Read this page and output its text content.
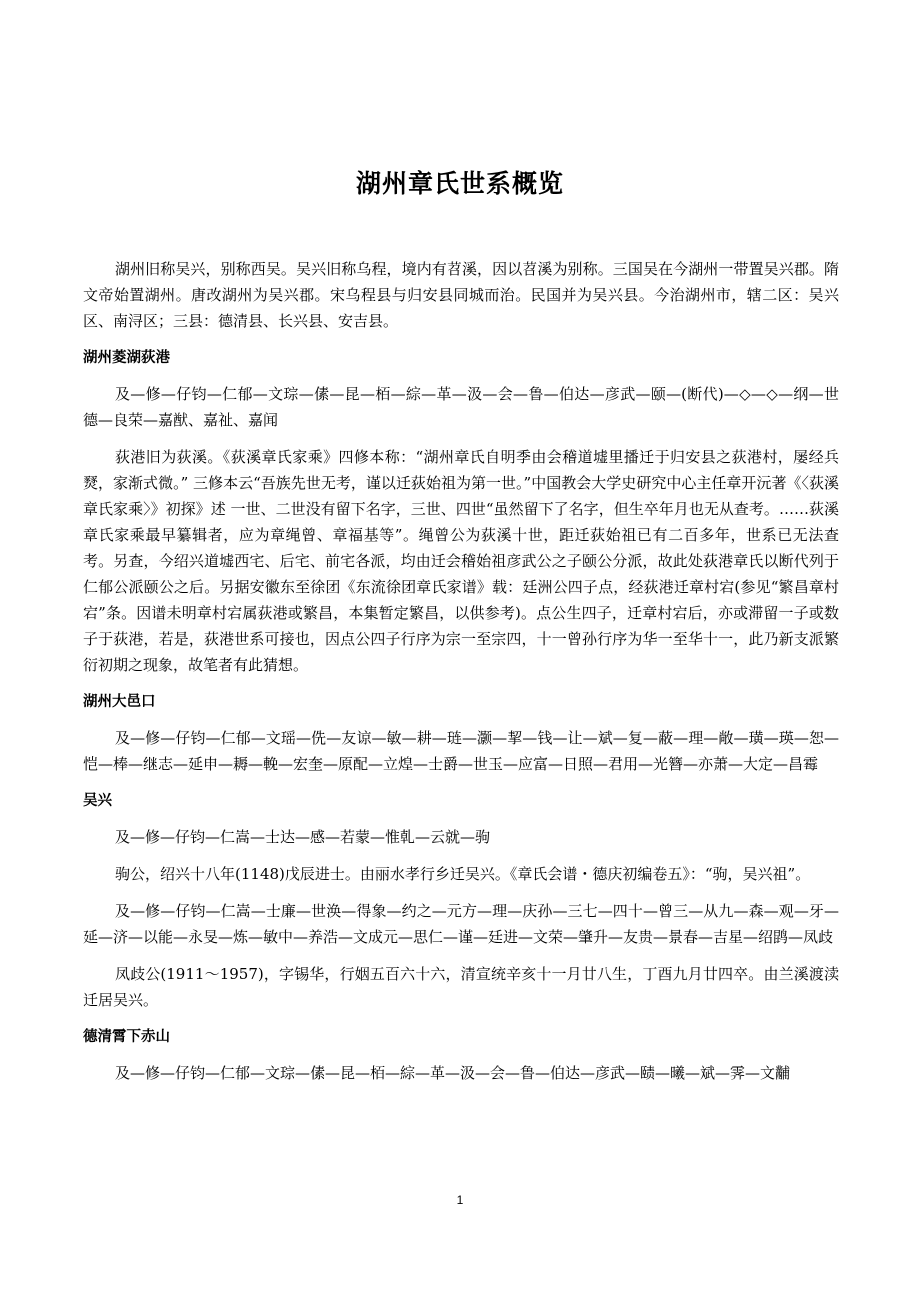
湖州章氏世系概览

湖州旧称吴兴，别称西吴。吴兴旧称乌程，境内有苕溪，因以苕溪为别称。三国吴在今湖州一带置吴兴郡。隋文帝始置湖州。唐改湖州为吴兴郡。宋乌程县与归安县同城而治。民国并为吴兴县。今治湖州市，辖二区：吴兴区、南浔区；三县：德清县、长兴县、安吉县。

湖州菱湖荻港

及—修—仔钧—仁郁—文琮—傃—昆—栢—綜—革—汲—会—鲁—伯达—彦武—颐—(断代)—◇—◇—纲—世德—良荣—嘉猷、嘉祉、嘉闻

荻港旧为荻溪。《荻溪章氏家乘》四修本称：“湖州章氏自明季由会稽道墟里播迁于归安县之荻港村，屡经兵燹，家渐式微。” 三修本云“吾族先世无考，谨以迁荻始祖为第一世。”中国教会大学史研究中心主任章开沅著《〈荻溪章氏家乘〉》初探》述 一世、二世没有留下名字，三世、四世“虽然留下了名字，但生卒年月也无从查考。……荻溪章氏家乘最早纂辑者，应为章绳曾、章福基等”。绳曾公为荻溪十世，距迁荻始祖已有二百多年，世系已无法查考。另查，今绍兴道墟西宅、后宅、前宅各派，均由迁会稽始祖彦武公之子颐公分派，故此处荻港章氏以断代列于仁郁公派颐公之后。另据安徽东至徐团《东流徐团章氏家谱》载：廷洲公四子点，经荻港迁章村宕(参见“繁昌章村宕”条。因谱未明章村宕属荻港或繁昌，本集暂定繁昌，以供参考)。点公生四子，迁章村宕后，亦或滞留一子或数子于荻港，若是，荻港世系可接也，因点公四子行序为宗一至宗四，十一曾孙行序为华一至华十一，此乃新支派繁衍初期之现象，故笔者有此猜想。

湖州大邑口

及—修—仔钧—仁郁—文瑶—侁—友谅—敏—耕—琏—灏—挈—钱—让—斌—复—蔽—理—敞—璜—瑛—恕—恺—棒—继志—延申—耨—輓—宏奎—原配—立煌—士爵—世玉—应富—日照—君用—光簪—亦萧—大定—昌霉

吴兴

及—修—仔钧—仁嵩—士达—感—若蒙—惟乹—云就—驹

驹公，绍兴十八年(1148)戊辰进士。由丽水孝行乡迁吴兴。《章氏会谱・德庆初编卷五》：“驹，吴兴祖”。

及—修—仔钧—仁嵩—士廉—世涣—得象—约之—元方—理—庆孙—三七—四十—曾三—从九—森—观—牙—延—济—以能—永旻—炼—敏中—养浩—文成元—思仁—谨—廷进—文荣—肇升—友贵—景春—吉星—绍鹍—凤歧

凤歧公(1911～1957)，字锡华，行姻五百六十六，清宣统辛亥十一月廿八生，丁酉九月廿四卒。由兰溪渡渎迁居吴兴。

德清霄下赤山

及—修—仔钧—仁郁—文琮—傃—昆—栢—綜—革—汲—会—鲁—伯达—彦武—赜—曦—斌—霁—文黼

1
